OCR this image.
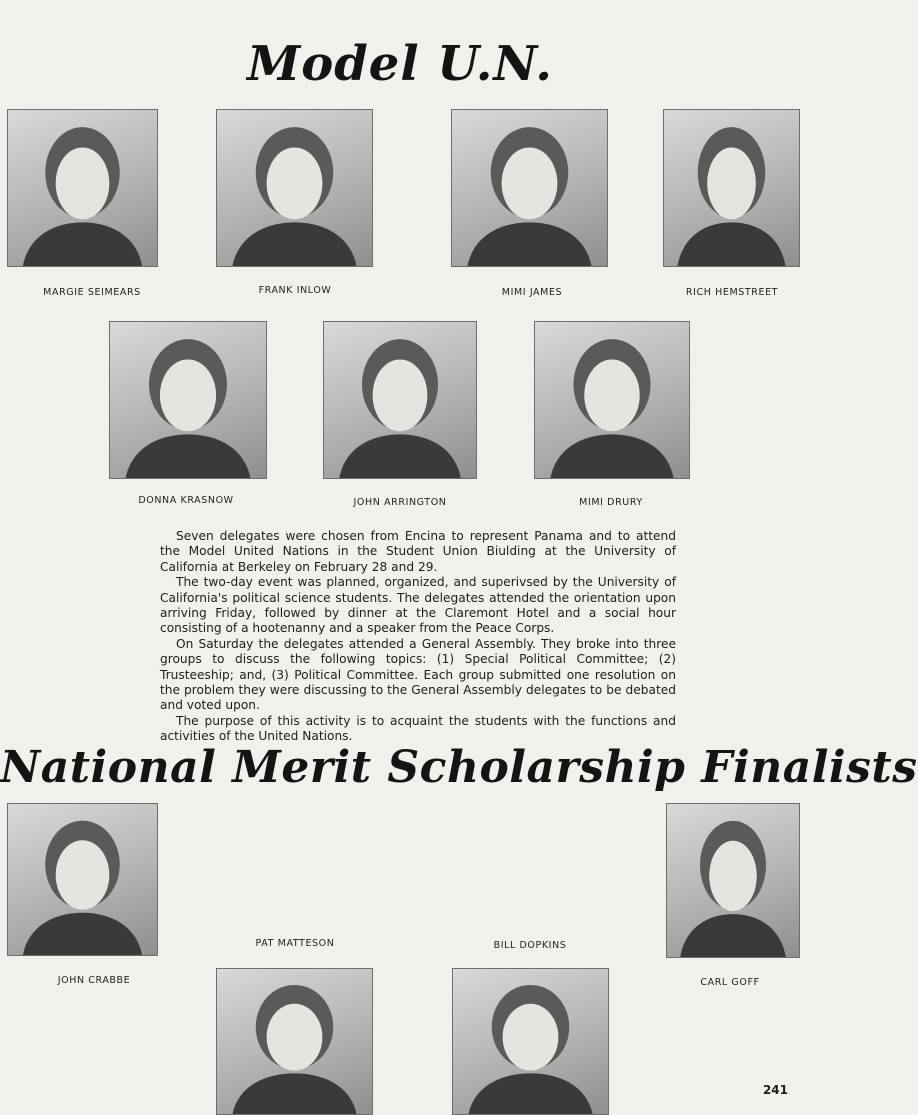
Model U.N.
MARGIE SEIMEARS	FRANK INLOW	MIMI JAMES	RICH HEMSTREET
DONNA KRASNOW	JOHN ARRINGTON	MIMI DRURY

Seven delegates were chosen from Encina to represent Panama and to attend the Model United Nations in the Student Union Biulding at the University of California at Berkeley on February 28 and 29.

The two-day event was planned, organized, and superivsed by the University of California's political science students. The delegates attended the orientation upon arriving Friday, followed by dinner at the Claremont Hotel and a social hour consisting of a hootenanny and a speaker from the Peace Corps.

On Saturday the delegates attended a General Assembly. They broke into three groups to discuss the following topics: (1) Special Political Committee; (2) Trusteeship; and, (3) Political Committee. Each group submitted one resolution on the problem they were discussing to the General Assembly delegates to be debated and voted upon.

The purpose of this activity is to acquaint the students with the functions and activities of the United Nations.

National Merit Scholarship Finalists
JOHN CRABBE
PAT MATTESON	BILL DOPKINS
CARL GOFF
241
